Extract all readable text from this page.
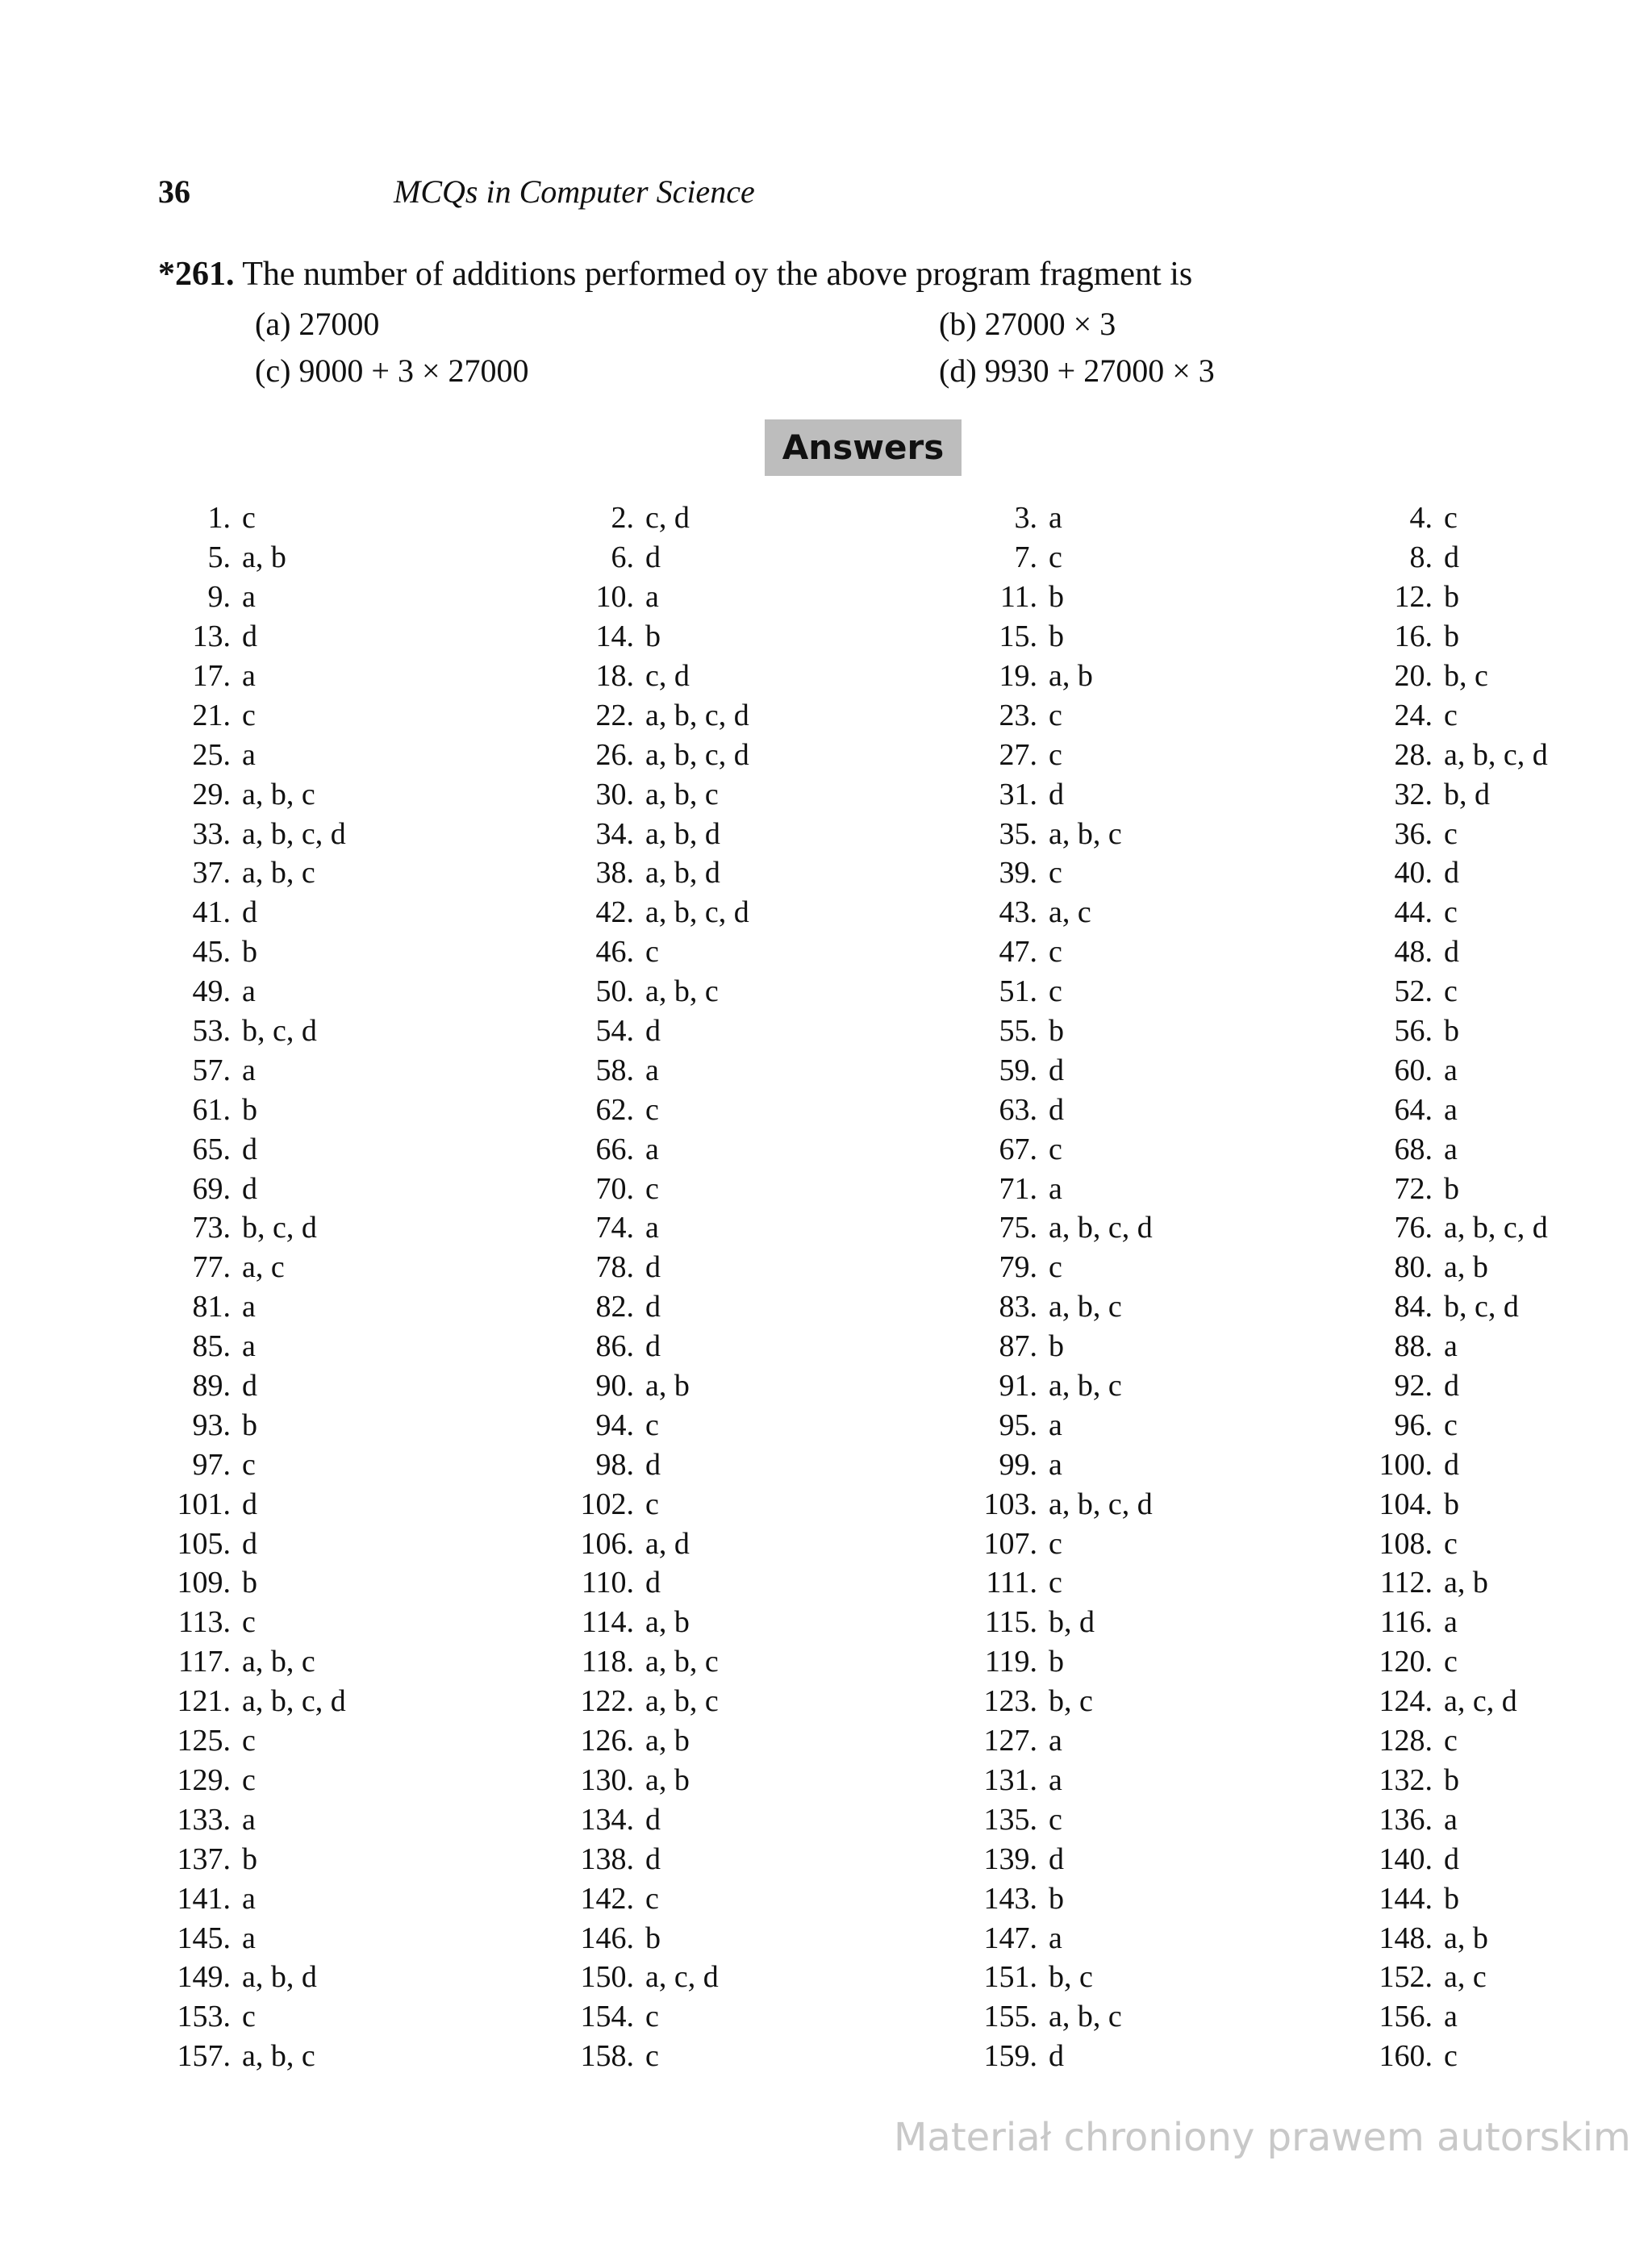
36	MCQs in Computer Science
*261. The number of additions performed oy the above program fragment is
(a) 27000	(b) 27000 × 3
(c) 9000 + 3 × 27000	(d) 9930 + 27000 × 3
Answers
1. c	2. c, d	3. a	4. c
5. a, b	6. d	7. c	8. d
9. a	10. a	11. b	12. b
13. d	14. b	15. b	16. b
17. a	18. c, d	19. a, b	20. b, c
21. c	22. a, b, c, d	23. c	24. c
25. a	26. a, b, c, d	27. c	28. a, b, c, d
29. a, b, c	30. a, b, c	31. d	32. b, d
33. a, b, c, d	34. a, b, d	35. a, b, c	36. c
37. a, b, c	38. a, b, d	39. c	40. d
41. d	42. a, b, c, d	43. a, c	44. c
45. b	46. c	47. c	48. d
49. a	50. a, b, c	51. c	52. c
53. b, c, d	54. d	55. b	56. b
57. a	58. a	59. d	60. a
61. b	62. c	63. d	64. a
65. d	66. a	67. c	68. a
69. d	70. c	71. a	72. b
73. b, c, d	74. a	75. a, b, c, d	76. a, b, c, d
77. a, c	78. d	79. c	80. a, b
81. a	82. d	83. a, b, c	84. b, c, d
85. a	86. d	87. b	88. a
89. d	90. a, b	91. a, b, c	92. d
93. b	94. c	95. a	96. c
97. c	98. d	99. a	100. d
101. d	102. c	103. a, b, c, d	104. b
105. d	106. a, d	107. c	108. c
109. b	110. d	111. c	112. a, b
113. c	114. a, b	115. b, d	116. a
117. a, b, c	118. a, b, c	119. b	120. c
121. a, b, c, d	122. a, b, c	123. b, c	124. a, c, d
125. c	126. a, b	127. a	128. c
129. c	130. a, b	131. a	132. b
133. a	134. d	135. c	136. a
137. b	138. d	139. d	140. d
141. a	142. c	143. b	144. b
145. a	146. b	147. a	148. a, b
149. a, b, d	150. a, c, d	151. b, c	152. a, c
153. c	154. c	155. a, b, c	156. a
157. a, b, c	158. c	159. d	160. c
Materiał chroniony prawem autorskim
